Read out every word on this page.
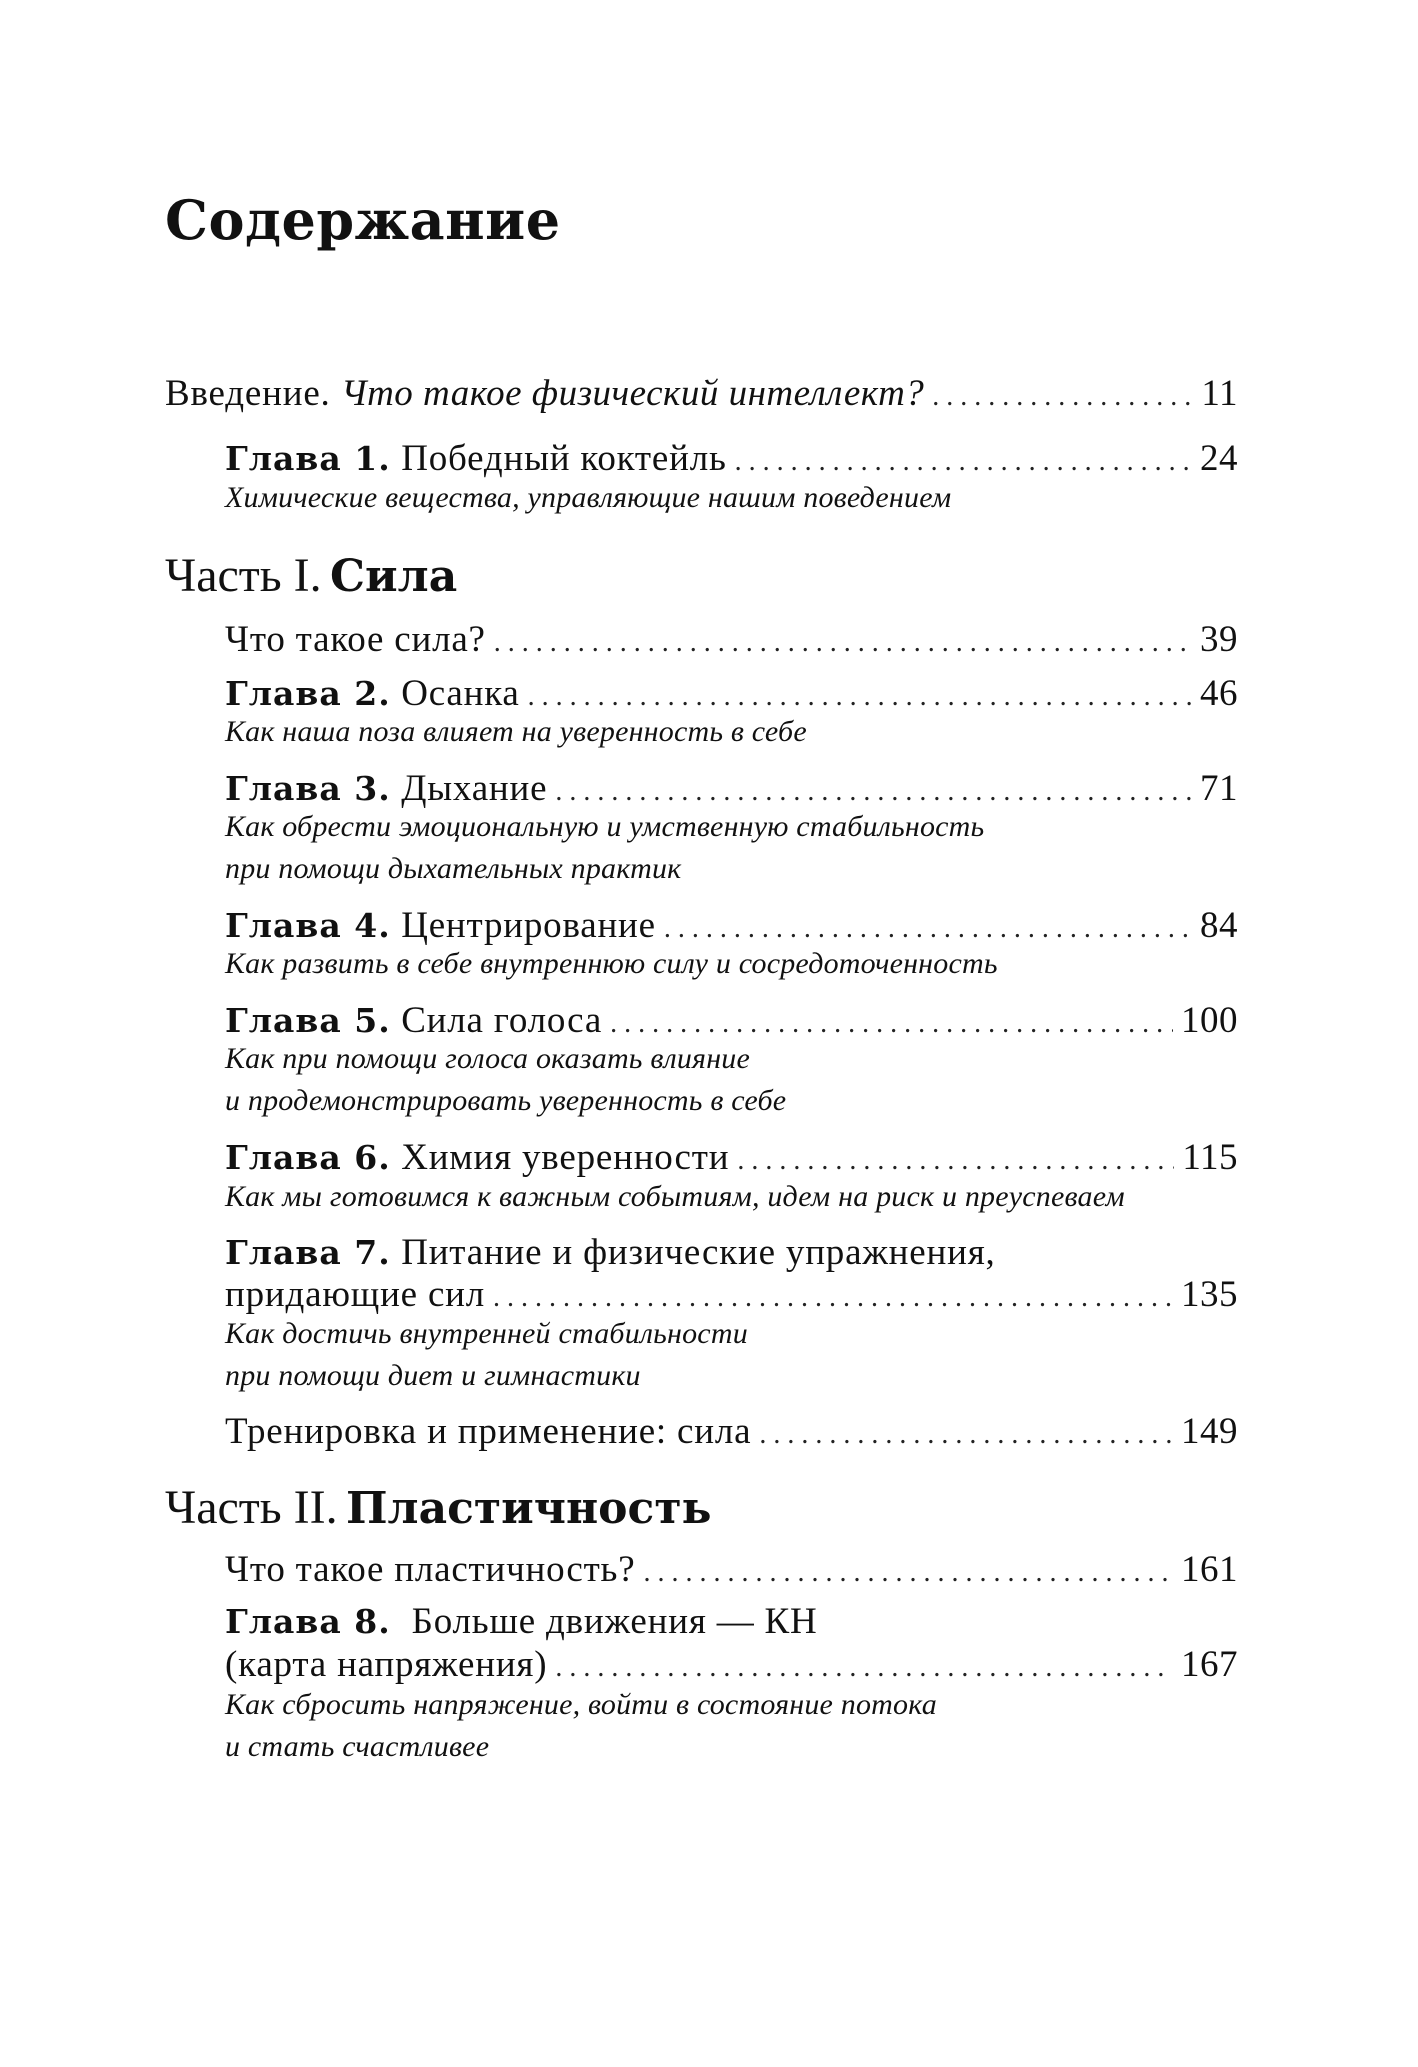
Содержание
Введение. Что такое физический интеллект? . . .	11
Глава 1. Победный коктейль . . .	24
Химические вещества, управляющие нашим поведением
Часть I. Сила
Что такое сила? . . .	39
Глава 2. Осанка . . .	46
Как наша поза влияет на уверенность в себе
Глава 3. Дыхание . . .	71
Как обрести эмоциональную и умственную стабильность
при помощи дыхательных практик
Глава 4. Центрирование . . .	84
Как развить в себе внутреннюю силу и сосредоточенность
Глава 5. Сила голоса . . .	100
Как при помощи голоса оказать влияние
и продемонстрировать уверенность в себе
Глава 6. Химия уверенности . . .	115
Как мы готовимся к важным событиям, идем на риск и преуспеваем
Глава 7. Питание и физические упражнения,
придающие сил . . .	135
Как достичь внутренней стабильности
при помощи диет и гимнастики
Тренировка и применение: сила . . .	149
Часть II. Пластичность
Что такое пластичность? . . .	161
Глава 8. Больше движения — КН
(карта напряжения) . . .	167
Как сбросить напряжение, войти в состояние потока
и стать счастливее
